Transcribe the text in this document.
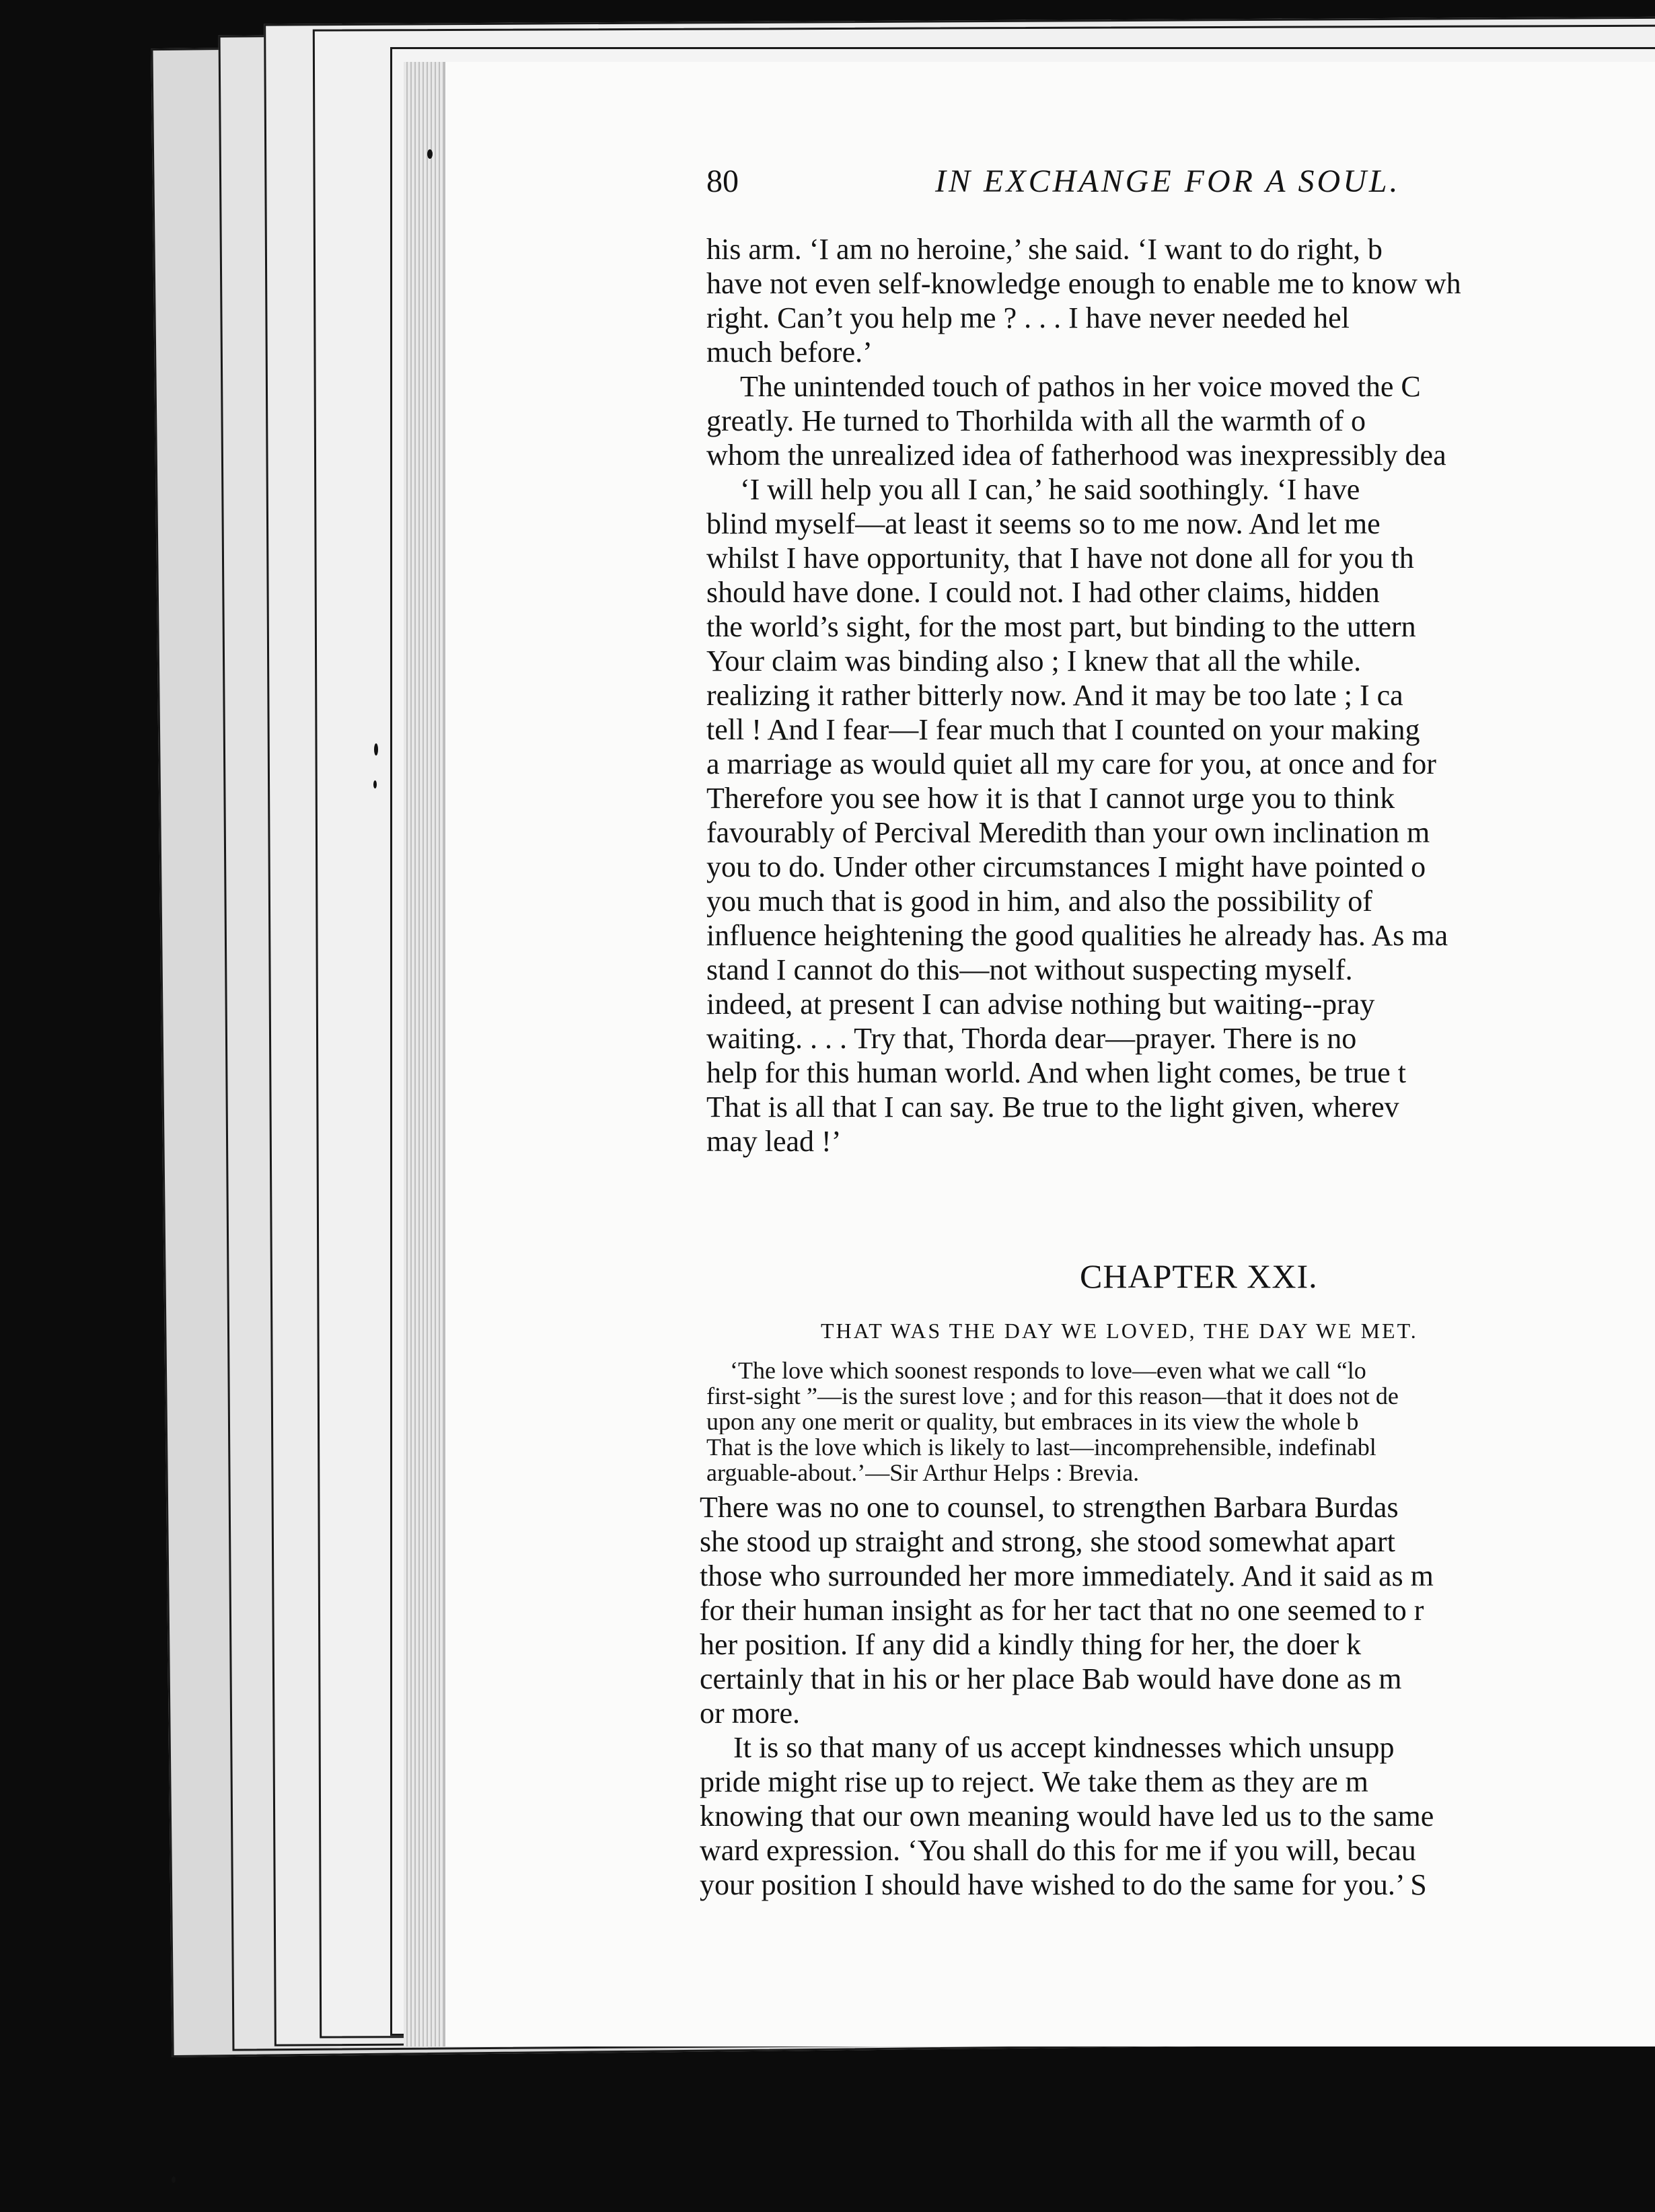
80	IN EXCHANGE FOR A SOUL.
his arm. ‘I am no heroine,’ she said. ‘I want to do right, b
have not even self-knowledge enough to enable me to know wh
right. Can’t you help me ? . . . I have never needed hel
much before.’
The unintended touch of pathos in her voice moved the C
greatly. He turned to Thorhilda with all the warmth of o
whom the unrealized idea of fatherhood was inexpressibly dea
‘I will help you all I can,’ he said soothingly. ‘I have
blind myself—at least it seems so to me now. And let me
whilst I have opportunity, that I have not done all for you th
should have done. I could not. I had other claims, hidden
the world’s sight, for the most part, but binding to the uttern
Your claim was binding also ; I knew that all the while.
realizing it rather bitterly now. And it may be too late ; I ca
tell ! And I fear—I fear much that I counted on your making
a marriage as would quiet all my care for you, at once and for
Therefore you see how it is that I cannot urge you to think
favourably of Percival Meredith than your own inclination m
you to do. Under other circumstances I might have pointed o
you much that is good in him, and also the possibility of
influence heightening the good qualities he already has. As ma
stand I cannot do this—not without suspecting myself.
indeed, at present I can advise nothing but waiting--pray
waiting. . . . Try that, Thorda dear—prayer. There is no
help for this human world. And when light comes, be true t
That is all that I can say. Be true to the light given, wherev
may lead !’
CHAPTER XXI.
THAT WAS THE DAY WE LOVED, THE DAY WE MET.
‘The love which soonest responds to love—even what we call “lo
first-sight ”—is the surest love ; and for this reason—that it does not de
upon any one merit or quality, but embraces in its view the whole b
That is the love which is likely to last—incomprehensible, indefinabl
arguable-about.’—Sir Arthur Helps : Brevia.
There was no one to counsel, to strengthen Barbara Burdas
she stood up straight and strong, she stood somewhat apart
those who surrounded her more immediately. And it said as m
for their human insight as for her tact that no one seemed to r
her position. If any did a kindly thing for her, the doer k
certainly that in his or her place Bab would have done as m
or more.
It is so that many of us accept kindnesses which unsupp
pride might rise up to reject. We take them as they are m
knowing that our own meaning would have led us to the same
ward expression. ‘You shall do this for me if you will, becau
your position I should have wished to do the same for you.’ S
